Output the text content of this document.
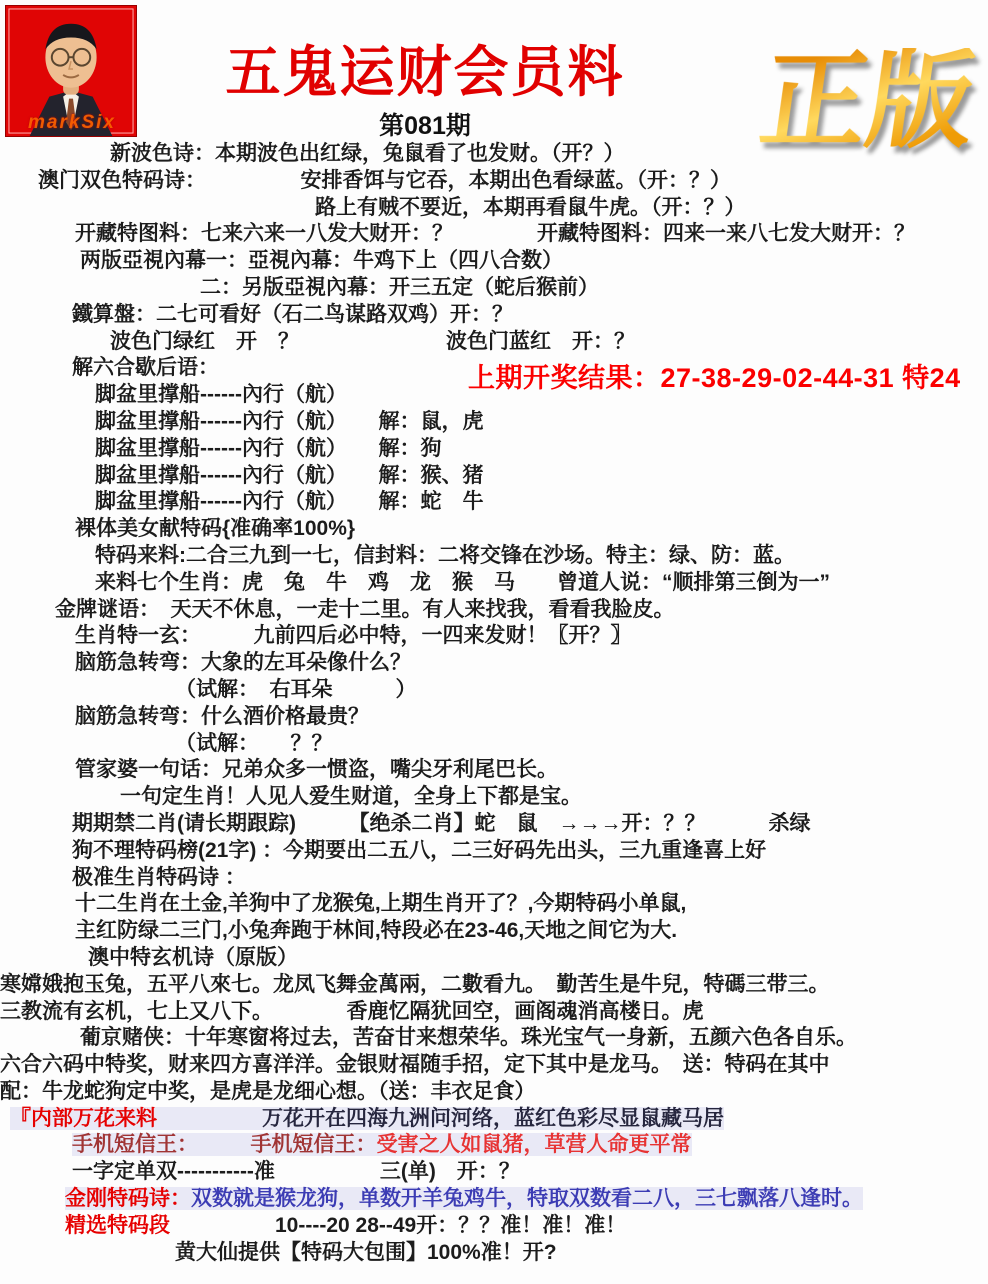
markSix
五鬼运财会员料
第081期	正版
上期开奖结果：27-38-29-02-44-31 特24
新波色诗：本期波色出红绿，兔鼠看了也发财。（开？）
澳门双色特码诗：　　　　　安排香饵与它吞，本期出色看绿蓝。（开：？）
路上有贼不要近，本期再看鼠牛虎。（开：？）
开藏特图料：七来六来一八发大财开：？　　　　开藏特图料：四来一来八七发大财开：？
两版亞視內幕一：亞視內幕：牛鸡下上（四八合数）
二：另版亞視內幕：开三五定（蛇后猴前）
鐵算盤：二七可看好（石二鸟谋路双鸡）开：？
波色门绿红　开　？　　　　　　　波色门蓝红　开：？
解六合歇后语：
脚盆里撑船------內行（航）
脚盆里撑船------內行（航）　　解：鼠，虎
脚盆里撑船------內行（航）　　解：狗
脚盆里撑船------內行（航）　　解：猴、猪
脚盆里撑船------內行（航）　　解：蛇　牛
裸体美女献特码{准确率100%}
特码来料:二合三九到一七，信封料：二将交锋在沙场。特主：绿、防：蓝。
来料七个生肖：虎　兔　牛　鸡　龙　猴　马　　曾道人说：“顺排第三倒为一”
金牌谜语：　天天不休息，一走十二里。有人来找我，看看我脸皮。
生肖特一玄：　　　九前四后必中特，一四来发财！〖开？〗
脑筋急转弯：大象的左耳朵像什么？
（试解：　右耳朵　　　）
脑筋急转弯：什么酒价格最贵？
（试解：　　？？
管家婆一句话：兄弟众多一惯盗，嘴尖牙利尾巴长。
一句定生肖！人见人爱生财道，全身上下都是宝。
期期禁二肖(请长期跟踪)　　　【绝杀二肖】蛇　鼠　→→→开：？？　　　杀绿
狗不理特码榜(21字) ：今期要出二五八，二三好码先出头，三九重逢喜上好
极准生肖特码诗 ：
十二生肖在土金,羊狗中了龙猴兔,上期生肖开了？,今期特码小单鼠,
主红防绿二三门,小兔奔跑于林间,特段必在23-46,天地之间它为大.
澳中特玄机诗（原版）
寒嫦娥抱玉兔，五平八來七。龙凤飞舞金萬兩，二數看九。　勤苦生是牛兒，特碼三带三。
三教流有玄机，七上又八下。　　　　香鹿忆隔犹回空，画阁魂消高楼日。虎
葡京赌侠：十年寒窗将过去，苦奋甘来想荣华。珠光宝气一身新，五颜六色各自乐。
六合六码中特奖，财来四方喜洋洋。金银财福随手招，定下其中是龙马。　送：特码在其中
配：牛龙蛇狗定中奖，是虎是龙细心想。（送：丰衣足食）
『内部万花来料　　　　　万花开在四海九洲问河络，蓝红色彩尽显鼠藏马居
手机短信王：　　　手机短信王：受害之人如鼠猪，草营人命更平常
一字定单双-----------准　　　　　三(单)　开：？
金刚特码诗：双数就是猴龙狗，单数开羊兔鸡牛，特取双数看二八，三七飘落八逢时。
精选特码段　　　　　10----20 28--49开：？？准！准！准！
黄大仙提供【特码大包围】100%准！开?
